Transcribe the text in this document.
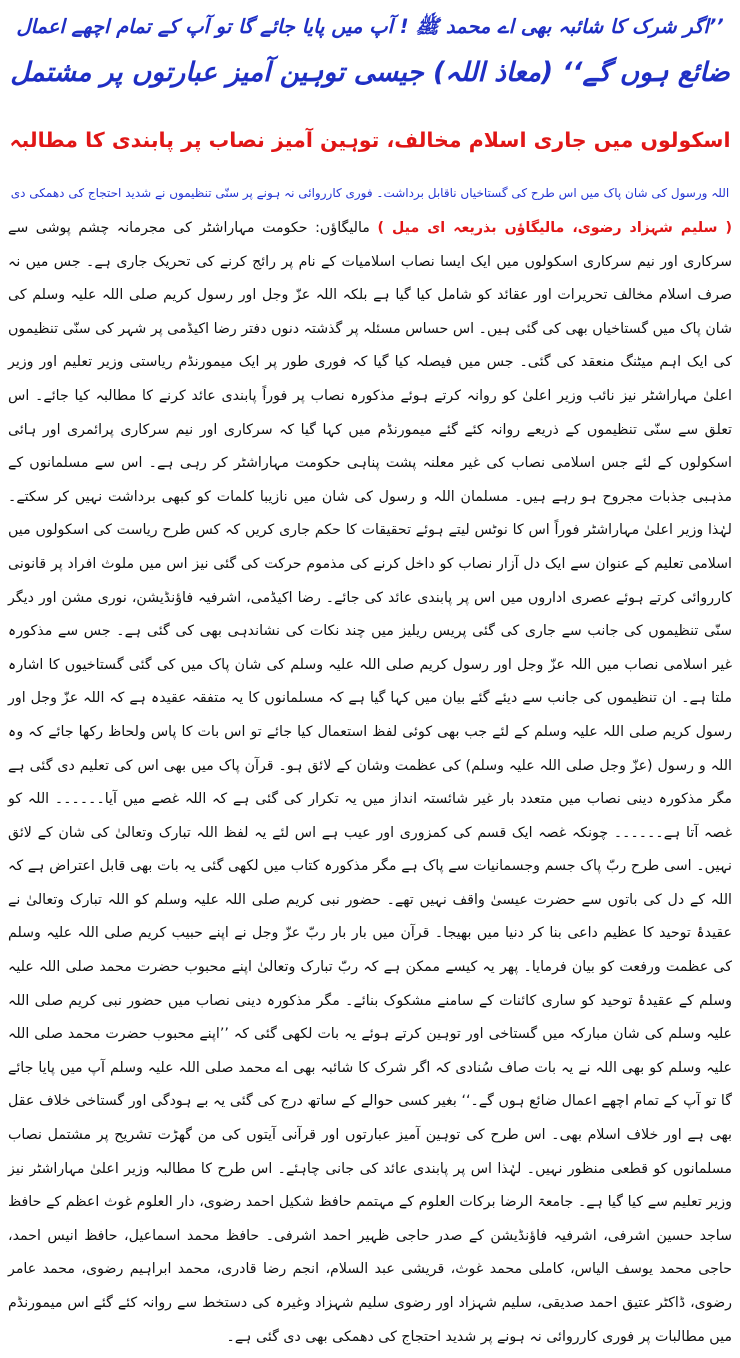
’’اگر شرک کا شائبہ بھی اے محمد ﷺ ! آپ میں پایا جائے گا تو آپ کے تمام اچھے اعمال
ضائع ہوں گے‘‘ (معاذ اللہ) جیسی توہین آمیز عبارتوں پر مشتمل
اسکولوں میں جاری اسلام مخالف، توہین آمیز نصاب پر پابندی کا مطالبہ
اللہ ورسول کی شان پاک میں اس طرح کی گستاخیاں ناقابل برداشت۔ فوری کارروائی نہ ہونے پر سنّی تنظیموں نے شدید احتجاج کی دھمکی دی
( سلیم شہزاد رضوی، مالیگاؤں بذریعہ ای میل ) مالیگاؤں: حکومت مہاراشٹر کی مجرمانہ چشم پوشی سے سرکاری اور نیم سرکاری اسکولوں میں ایک ایسا نصاب اسلامیات کے نام پر رائج کرنے کی تحریک جاری ہے۔ جس میں نہ صرف اسلام مخالف تحریرات اور عقائد کو شامل کیا گیا ہے بلکہ اللہ عزّ وجل اور رسول کریم صلی اللہ علیہ وسلم کی شان پاک میں گستاخیاں بھی کی گئی ہیں۔ اس حساس مسئلہ پر گذشتہ دنوں دفتر رضا اکیڈمی پر شہر کی سنّی تنظیموں کی ایک اہم میٹنگ منعقد کی گئی۔ جس میں فیصلہ کیا گیا کہ فوری طور پر ایک میمورنڈم ریاستی وزیر تعلیم اور وزیر اعلیٰ مہاراشٹر نیز نائب وزیر اعلیٰ کو روانہ کرتے ہوئے مذکورہ نصاب پر فوراً پابندی عائد کرنے کا مطالبہ کیا جائے۔ اس تعلق سے سنّی تنظیموں کے ذریعے روانہ کئے گئے میمورنڈم میں کہا گیا کہ سرکاری اور نیم سرکاری پرائمری اور ہائی اسکولوں کے لئے جس اسلامی نصاب کی غیر معلنہ پشت پناہی حکومت مہاراشٹر کر رہی ہے۔ اس سے مسلمانوں کے مذہبی جذبات مجروح ہو رہے ہیں۔ مسلمان اللہ و رسول کی شان میں نازیبا کلمات کو کبھی برداشت نہیں کر سکتے۔ لہٰذا وزیر اعلیٰ مہاراشٹر فوراً اس کا نوٹس لیتے ہوئے تحقیقات کا حکم جاری کریں کہ کس طرح ریاست کی اسکولوں میں اسلامی تعلیم کے عنوان سے ایک دل آزار نصاب کو داخل کرنے کی مذموم حرکت کی گئی نیز اس میں ملوث افراد پر قانونی کارروائی کرتے ہوئے عصری اداروں میں اس پر پابندی عائد کی جائے۔ رضا اکیڈمی، اشرفیہ فاؤنڈیشن، نوری مشن اور دیگر سنّی تنظیموں کی جانب سے جاری کی گئی پریس ریلیز میں چند نکات کی نشاندہی بھی کی گئی ہے۔ جس سے مذکورہ غیر اسلامی نصاب میں اللہ عزّ وجل اور رسول کریم صلی اللہ علیہ وسلم کی شان پاک میں کی گئی گستاخیوں کا اشارہ ملتا ہے۔ ان تنظیموں کی جانب سے دیئے گئے بیان میں کہا گیا ہے کہ مسلمانوں کا یہ متفقہ عقیدہ ہے کہ اللہ عزّ وجل اور رسول کریم صلی اللہ علیہ وسلم کے لئے جب بھی کوئی لفظ استعمال کیا جائے تو اس بات کا پاس ولحاظ رکھا جائے کہ وہ اللہ و رسول (عزّ وجل صلی اللہ علیہ وسلم) کی عظمت وشان کے لائق ہو۔ قرآن پاک میں بھی اس کی تعلیم دی گئی ہے مگر مذکورہ دینی نصاب میں متعدد بار غیر شائستہ انداز میں یہ تکرار کی گئی ہے کہ اللہ غصے میں آیا۔۔۔۔۔۔ اللہ کو غصہ آتا ہے۔۔۔۔۔۔ چونکہ غصہ ایک قسم کی کمزوری اور عیب ہے اس لئے یہ لفظ اللہ تبارک وتعالیٰ کی شان کے لائق نہیں۔ اسی طرح ربّ پاک جسم وجسمانیات سے پاک ہے مگر مذکورہ کتاب میں لکھی گئی یہ بات بھی قابل اعتراض ہے کہ اللہ کے دل کی باتوں سے حضرت عیسیٰ واقف نہیں تھے۔ حضور نبی کریم صلی اللہ علیہ وسلم کو اللہ تبارک وتعالیٰ نے عقیدۂ توحید کا عظیم داعی بنا کر دنیا میں بھیجا۔ قرآن میں بار بار ربّ عزّ وجل نے اپنے حبیب کریم صلی اللہ علیہ وسلم کی عظمت ورفعت کو بیان فرمایا۔ پھر یہ کیسے ممکن ہے کہ ربّ تبارک وتعالیٰ اپنے محبوب حضرت محمد صلی اللہ علیہ وسلم کے عقیدۂ توحید کو ساری کائنات کے سامنے مشکوک بنائے۔ مگر مذکورہ دینی نصاب میں حضور نبی کریم صلی اللہ علیہ وسلم کی شان مبارکہ میں گستاخی اور توہین کرتے ہوئے یہ بات لکھی گئی کہ ’’اپنے محبوب حضرت محمد صلی اللہ علیہ وسلم کو بھی اللہ نے یہ بات صاف سُنادی کہ اگر شرک کا شائبہ بھی اے محمد صلی اللہ علیہ وسلم آپ میں پایا جائے گا تو آپ کے تمام اچھے اعمال ضائع ہوں گے۔‘‘ بغیر کسی حوالے کے ساتھ درج کی گئی یہ بے ہودگی اور گستاخی خلاف عقل بھی ہے اور خلاف اسلام بھی۔ اس طرح کی توہین آمیز عبارتوں اور قرآنی آیتوں کی من گھڑت تشریح پر مشتمل نصاب مسلمانوں کو قطعی منظور نہیں۔ لہٰذا اس پر پابندی عائد کی جانی چاہئے۔ اس طرح کا مطالبہ وزیر اعلیٰ مہاراشٹر نیز وزیر تعلیم سے کیا گیا ہے۔ جامعۃ الرضا برکات العلوم کے مہتمم حافظ شکیل احمد رضوی، دار العلوم غوث اعظم کے حافظ ساجد حسین اشرفی، اشرفیہ فاؤنڈیشن کے صدر حاجی ظہیر احمد اشرفی۔ حافظ محمد اسماعیل، حافظ انیس احمد، حاجی محمد یوسف الیاس، کاملی محمد غوث، قریشی عبد السلام، انجم رضا قادری، محمد ابراہیم رضوی، محمد عامر رضوی، ڈاکٹر عتیق احمد صدیقی، سلیم شہزاد اور رضوی سلیم شہزاد وغیرہ کی دستخط سے روانہ کئے گئے اس میمورنڈم میں مطالبات پر فوری کارروائی نہ ہونے پر شدید احتجاج کی دھمکی بھی دی گئی ہے۔
